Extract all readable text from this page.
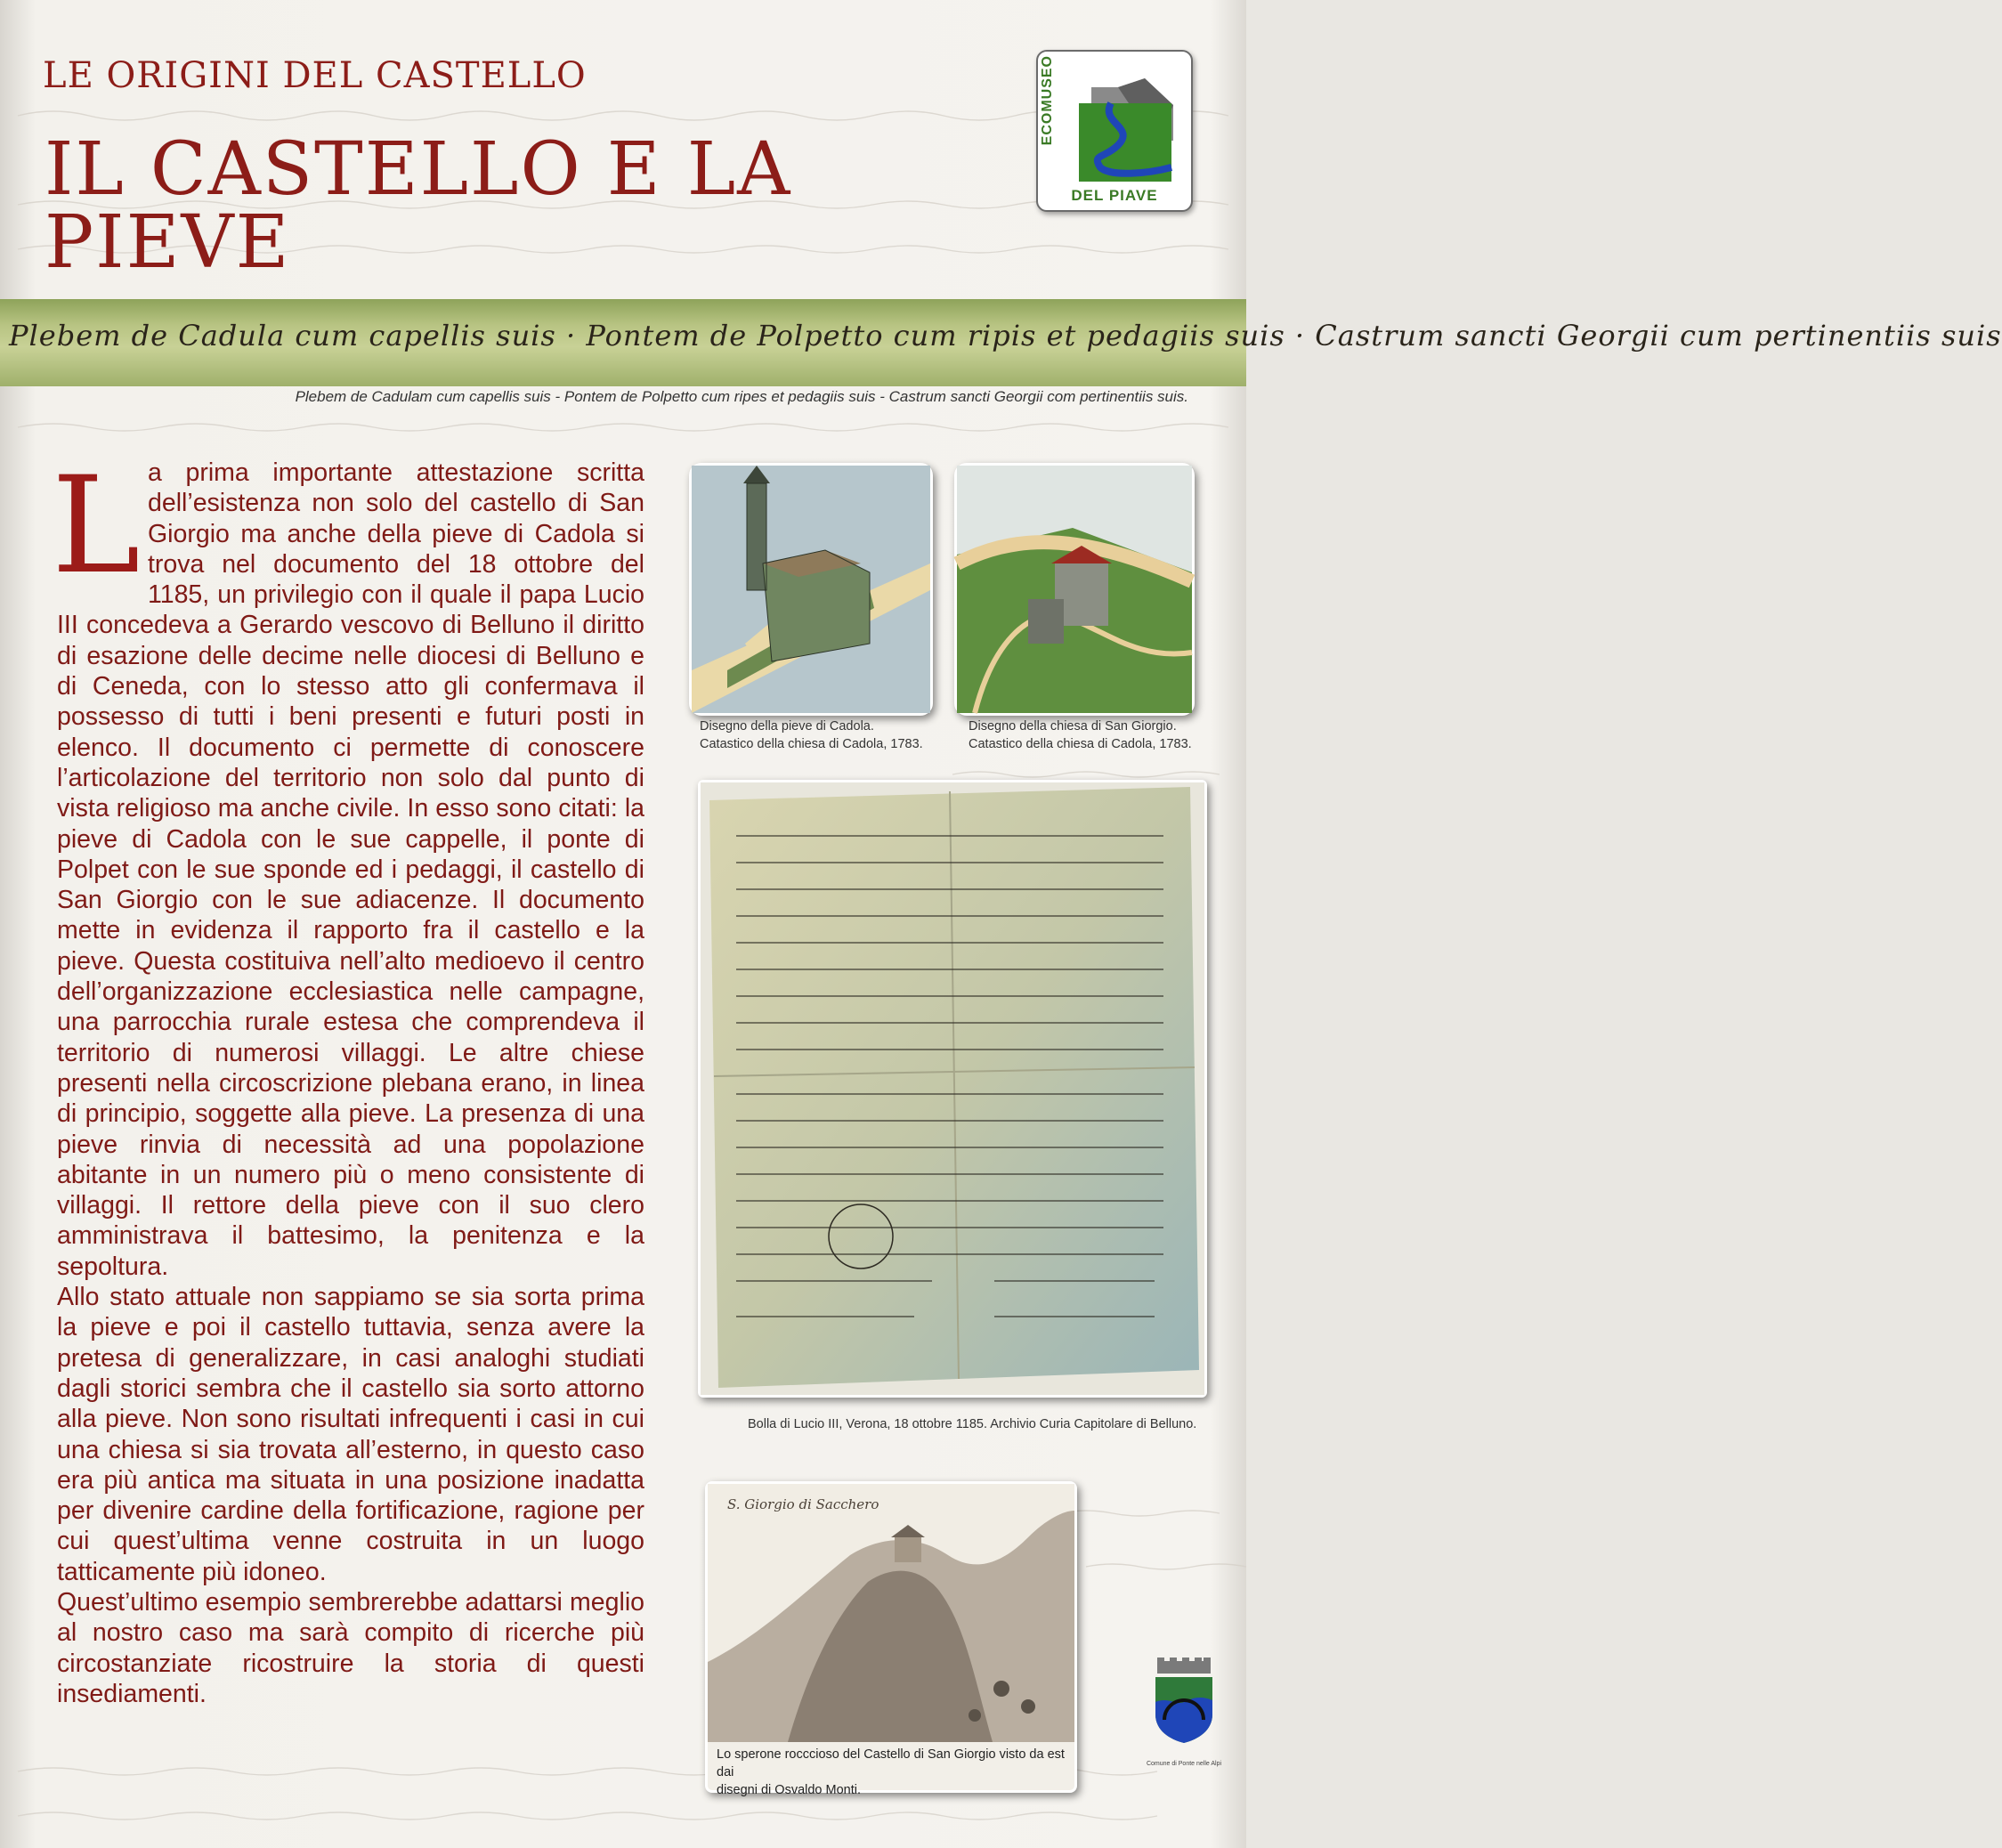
LE ORIGINI DEL CASTELLO
IL CASTELLO E LA PIEVE
ECOMUSEO
DEL PIAVE
Plebem de Cadula cum capellis suis · Pontem de Polpetto cum ripis et pedagiis suis · Castrum sancti Georgii cum pertinentiis suis
Plebem de Cadulam cum capellis suis - Pontem de Polpetto cum ripes et pedagiis suis - Castrum sancti Georgii com pertinentiis suis.
L a prima importante attestazione scritta dell’esistenza non solo del castello di San Giorgio ma anche della pieve di Cadola si trova nel documento del 18 ottobre del 1185, un privilegio con il quale il papa Lucio III concedeva a Gerardo vescovo di Belluno il diritto di esazione delle decime nelle diocesi di Belluno e di Ceneda, con lo stesso atto gli confermava il possesso di tutti i beni presenti e futuri posti in elenco. Il documento ci permette di conoscere l’articolazione del territorio non solo dal punto di vista religioso ma anche civile. In esso sono citati: la pieve di Cadola con le sue cappelle, il ponte di Polpet con le sue sponde ed i pedaggi, il castello di San Giorgio con le sue adiacenze. Il documento mette in evidenza il rapporto fra il castello e la pieve. Questa costituiva nell’alto medioevo il centro dell’organizzazione ecclesiastica nelle campagne, una parrocchia rurale estesa che comprendeva il territorio di numerosi villaggi. Le altre chiese presenti nella circoscrizione plebana erano, in linea di principio, soggette alla pieve. La presenza di una pieve rinvia di necessità ad una popolazione abitante in un numero più o meno consistente di villaggi. Il rettore della pieve con il suo clero amministrava il battesimo, la penitenza e la sepoltura.

Allo stato attuale non sappiamo se sia sorta prima la pieve e poi il castello tuttavia, senza avere la pretesa di generalizzare, in casi analoghi studiati dagli storici sembra che il castello sia sorto attorno alla pieve. Non sono risultati infrequenti i casi in cui una chiesa si sia trovata all’esterno, in questo caso era più antica ma situata in una posizione inadatta per divenire cardine della fortificazione, ragione per cui quest’ultima venne costruita in un luogo tatticamente più idoneo.

Quest’ultimo esempio sembrerebbe adattarsi meglio al nostro caso ma sarà compito di ricerche più circostanziate ricostruire la storia di questi insediamenti.

Disegno della pieve di Cadola.
Catastico della chiesa di Cadola, 1783.
Disegno della chiesa di San Giorgio.
Catastico della chiesa di Cadola, 1783.
Bolla di Lucio III, Verona, 18 ottobre 1185. Archivio Curia Capitolare di Belluno.
S. Giorgio di Sacchero
Lo sperone rocccioso del Castello di San Giorgio visto da est dai
disegni di Osvaldo Monti.
Comune di Ponte nelle Alpi
